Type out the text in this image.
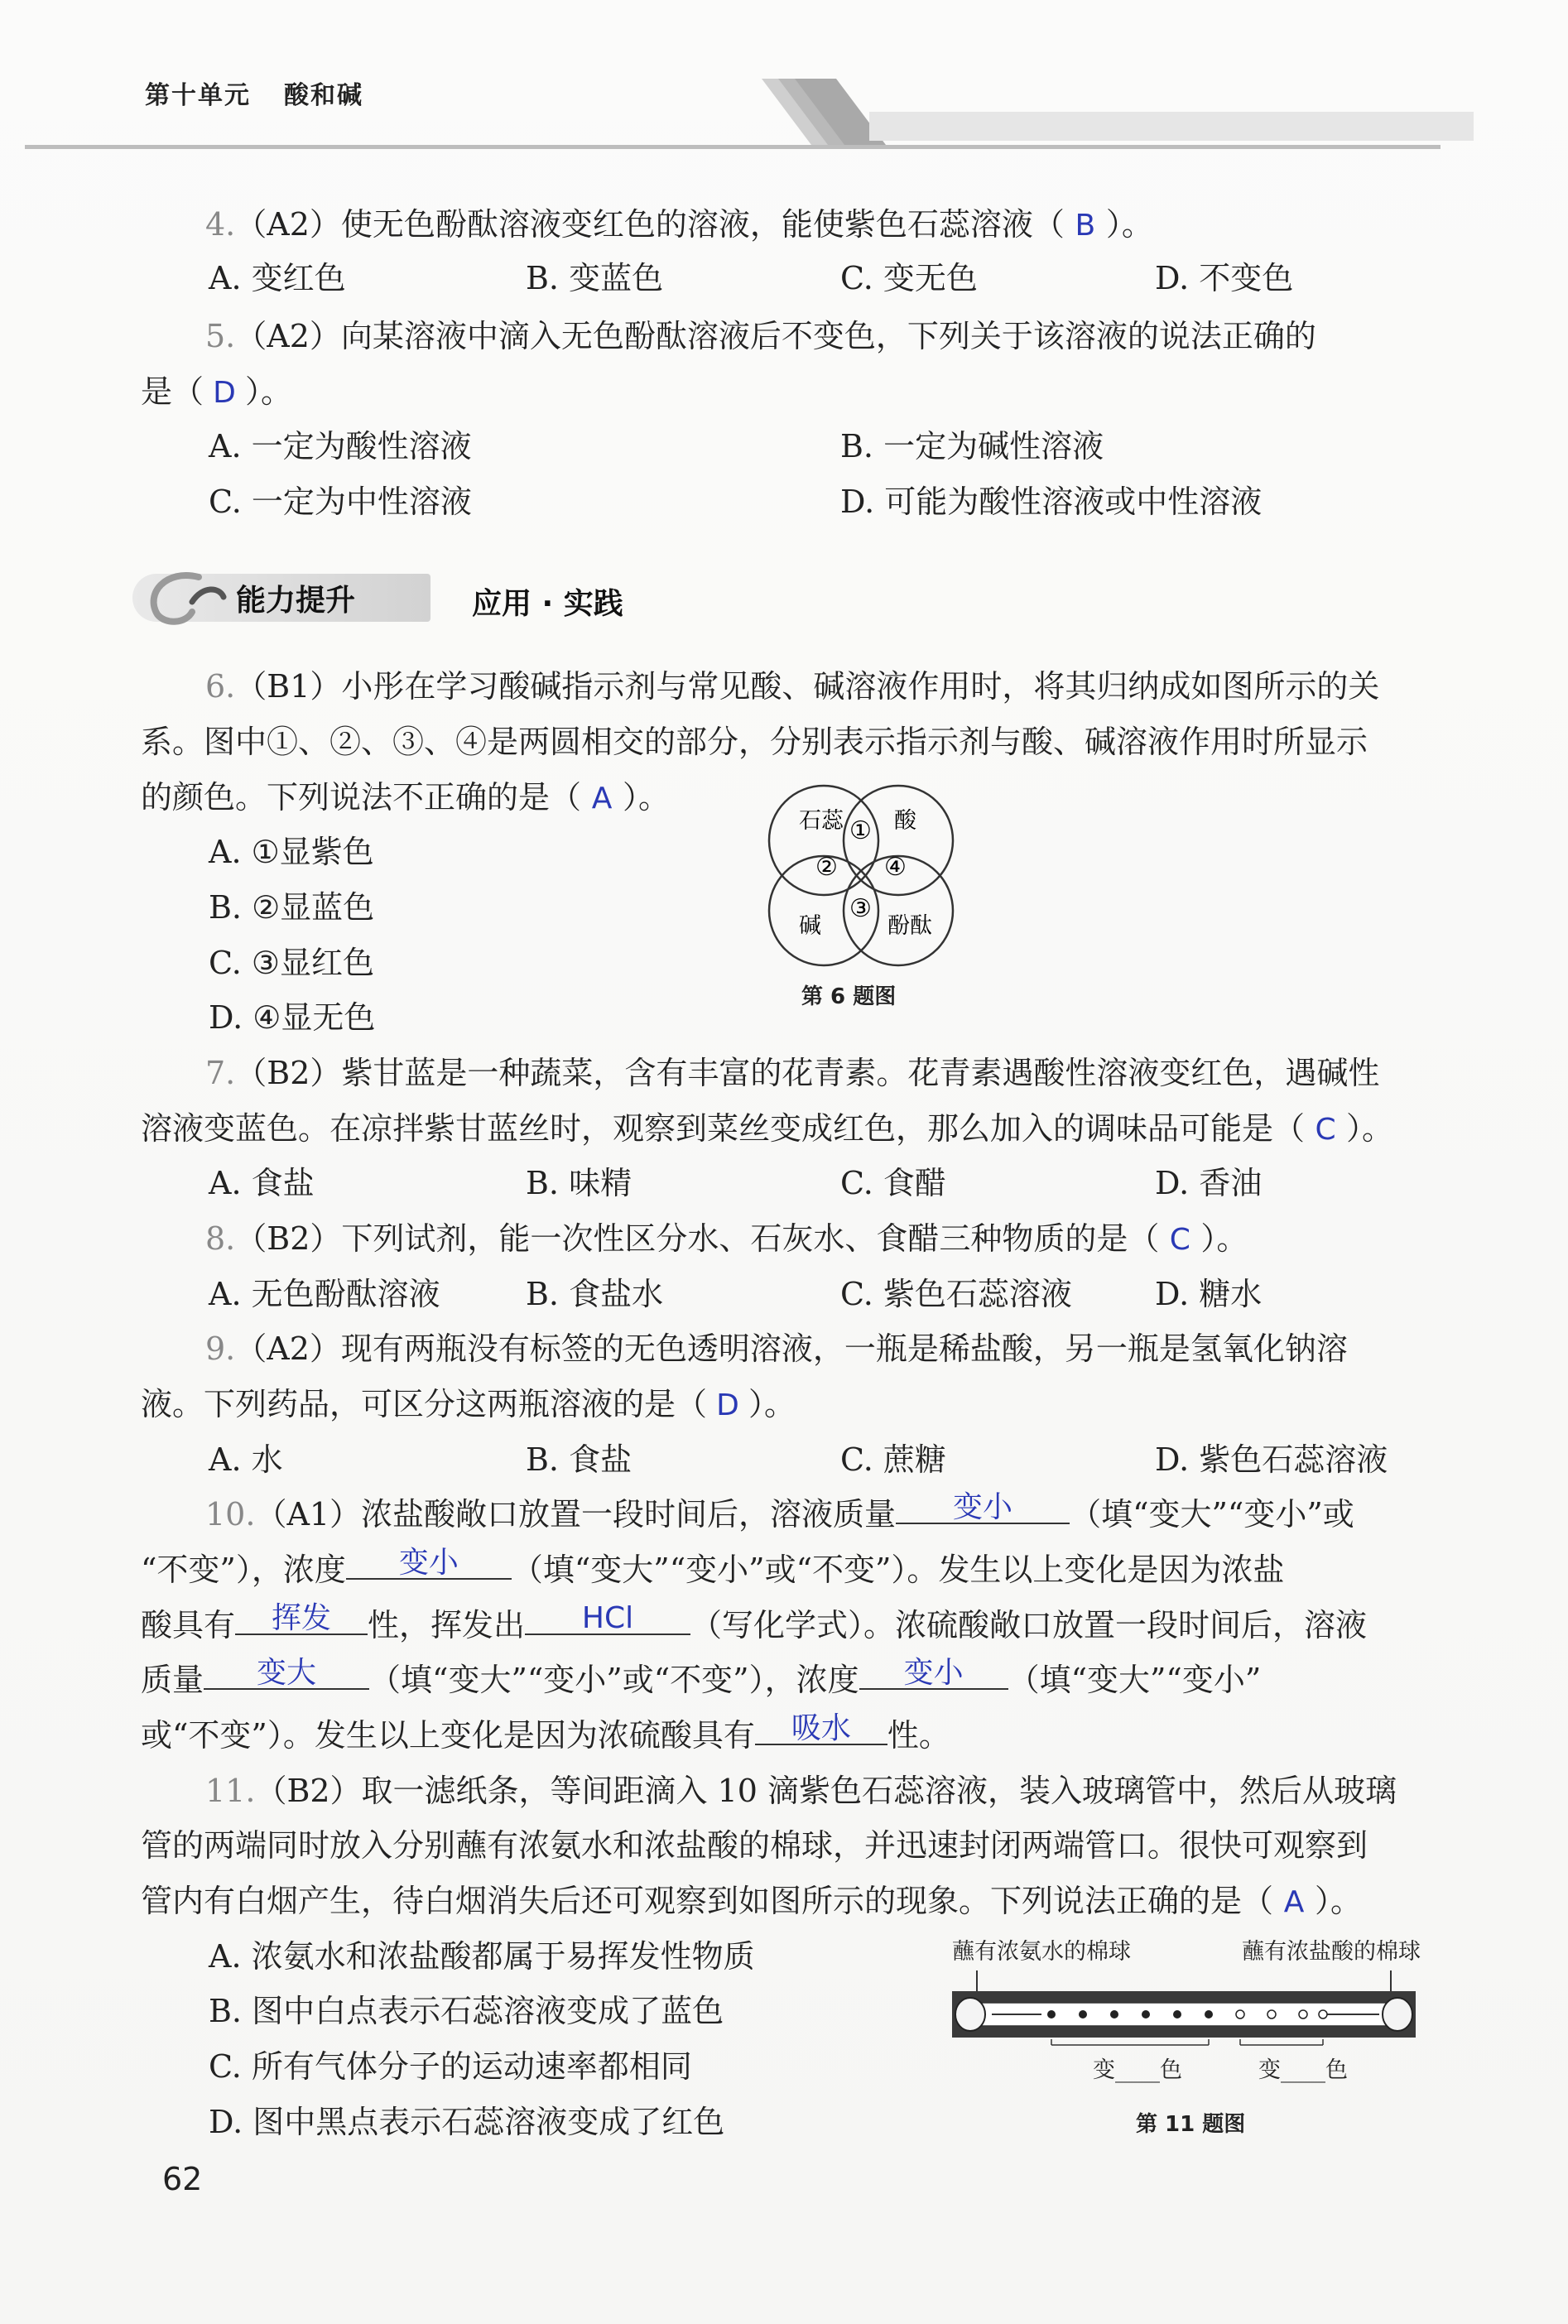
第十单元 酸和碱
4.（A2）使无色酚酞溶液变红色的溶液，能使紫色石蕊溶液（ B ）。
A. 变红色	B. 变蓝色	C. 变无色	D. 不变色
5.（A2）向某溶液中滴入无色酚酞溶液后不变色，下列关于该溶液的说法正确的
是（ D ）。
A. 一定为酸性溶液	B. 一定为碱性溶液
C. 一定为中性溶液	D. 可能为酸性溶液或中性溶液
能力提升	应用 · 实践
6.（B1）小彤在学习酸碱指示剂与常见酸、碱溶液作用时，将其归纳成如图所示的关
系。图中①、②、③、④是两圆相交的部分，分别表示指示剂与酸、碱溶液作用时所显示
的颜色。下列说法不正确的是（ A ）。
A. ①显紫色
B. ②显蓝色
C. ③显红色
D. ④显无色
石蕊 酸
碱	酚酞
①
②
③
④
第 6 题图
7.（B2）紫甘蓝是一种蔬菜，含有丰富的花青素。花青素遇酸性溶液变红色，遇碱性
溶液变蓝色。在凉拌紫甘蓝丝时，观察到菜丝变成红色，那么加入的调味品可能是（ C ）。
A. 食盐	B. 味精	C. 食醋	D. 香油
8.（B2）下列试剂，能一次性区分水、石灰水、食醋三种物质的是（ C ）。
A. 无色酚酞溶液	B. 食盐水	C. 紫色石蕊溶液	D. 糖水
9.（A2）现有两瓶没有标签的无色透明溶液，一瓶是稀盐酸，另一瓶是氢氧化钠溶
液。下列药品，可区分这两瓶溶液的是（ D ）。
A. 水	B. 食盐	C. 蔗糖	D. 紫色石蕊溶液
10.（A1）浓盐酸敞口放置一段时间后，溶液质量 变小 （填“变大”“变小”或
“不变”），浓度 变小 （填“变大”“变小”或“不变”）。发生以上变化是因为浓盐
酸具有 挥发 性，挥发出 HCl （写化学式）。浓硫酸敞口放置一段时间后，溶液
质量 变大 （填“变大”“变小”或“不变”），浓度 变小 （填“变大”“变小”
或“不变”）。发生以上变化是因为浓硫酸具有 吸水 性。
11.（B2）取一滤纸条，等间距滴入 10 滴紫色石蕊溶液，装入玻璃管中，然后从玻璃
管的两端同时放入分别蘸有浓氨水和浓盐酸的棉球，并迅速封闭两端管口。很快可观察到
管内有白烟产生，待白烟消失后还可观察到如图所示的现象。下列说法正确的是（ A ）。
A. 浓氨水和浓盐酸都属于易挥发性物质
B. 图中白点表示石蕊溶液变成了蓝色
C. 所有气体分子的运动速率都相同
D. 图中黑点表示石蕊溶液变成了红色
蘸有浓氨水的棉球	蘸有浓盐酸的棉球
变____色	变____色
第 11 题图
62
